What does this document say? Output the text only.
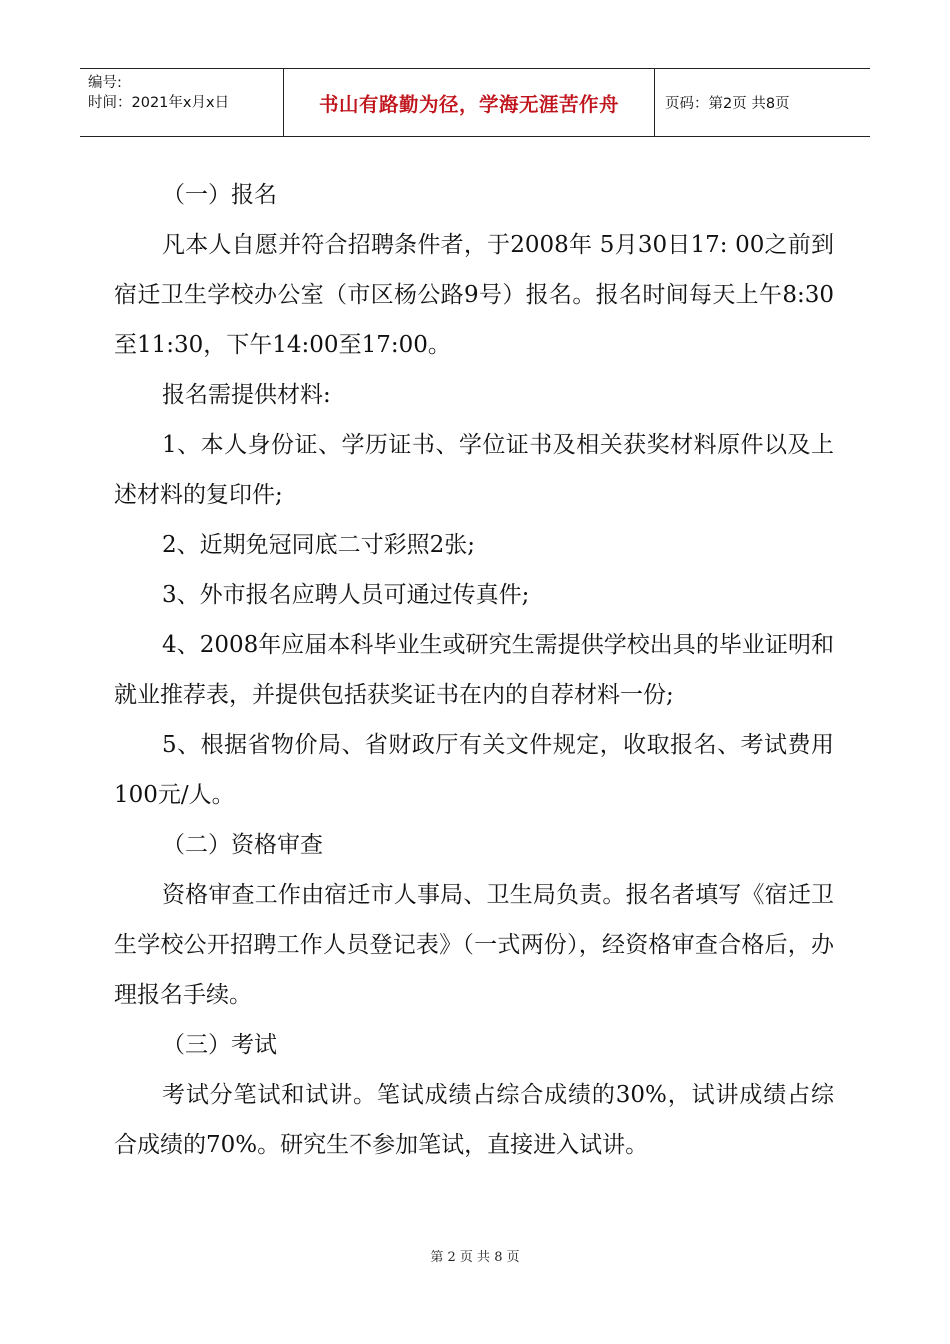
编号:
时间：2021年x月x日	书山有路勤为径，学海无涯苦作舟	页码：第2页 共8页

（一）报名

凡本人自愿并符合招聘条件者，于2008年 5月30日17: 00之前到宿迁卫生学校办公室（市区杨公路9号）报名。报名时间每天上午8:30至11:30，下午14:00至17:00。

报名需提供材料:

1、本人身份证、学历证书、学位证书及相关获奖材料原件以及上述材料的复印件;

2、近期免冠同底二寸彩照2张;

3、外市报名应聘人员可通过传真件;

4、2008年应届本科毕业生或研究生需提供学校出具的毕业证明和就业推荐表，并提供包括获奖证书在内的自荐材料一份;

5、根据省物价局、省财政厅有关文件规定，收取报名、考试费用100元/人。

（二）资格审查

资格审查工作由宿迁市人事局、卫生局负责。报名者填写《宿迁卫生学校公开招聘工作人员登记表》（一式两份），经资格审查合格后，办理报名手续。

（三）考试

考试分笔试和试讲。笔试成绩占综合成绩的30%，试讲成绩占综合成绩的70%。研究生不参加笔试，直接进入试讲。

第 2 页 共 8 页
